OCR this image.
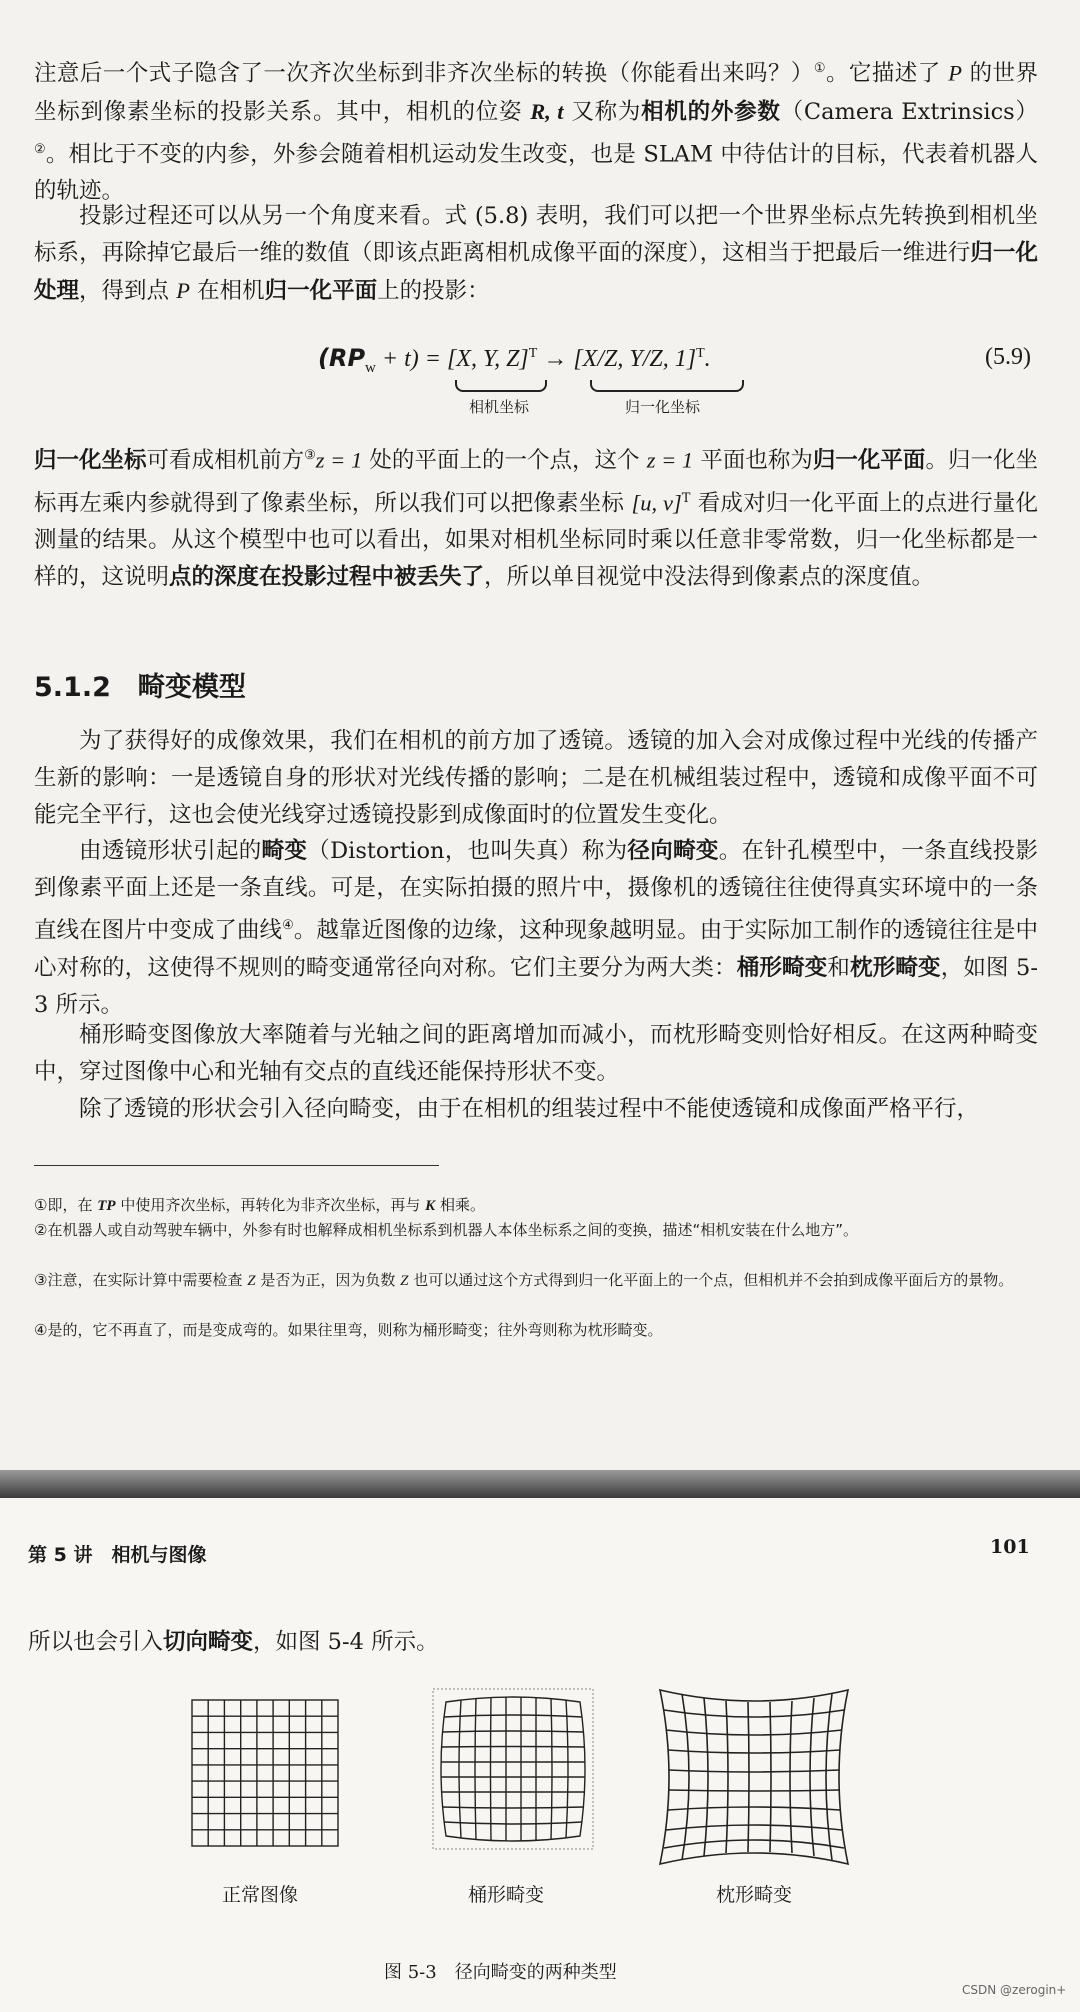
注意后一个式子隐含了一次齐次坐标到非齐次坐标的转换（你能看出来吗？）①。它描述了 P 的世界坐标到像素坐标的投影关系。其中，相机的位姿 R, t 又称为相机的外参数（Camera Extrinsics）②。相比于不变的内参，外参会随着相机运动发生改变，也是 SLAM 中待估计的目标，代表着机器人的轨迹。

投影过程还可以从另一个角度来看。式 (5.8) 表明，我们可以把一个世界坐标点先转换到相机坐标系，再除掉它最后一维的数值（即该点距离相机成像平面的深度），这相当于把最后一维进行归一化处理，得到点 P 在相机归一化平面上的投影：

$(RP_w + t) = [X$, Y, Z]$^T$ → [X/Z, Y/Z, 1]$^T$.
相机坐标	归一化坐标
(5.9)

归一化坐标可看成相机前方③z = 1 处的平面上的一个点，这个 z = 1 平面也称为归一化平面。归一化坐标再左乘内参就得到了像素坐标，所以我们可以把像素坐标 [u, v]$^T$ 看成对归一化平面上的点进行量化测量的结果。从这个模型中也可以看出，如果对相机坐标同时乘以任意非零常数，归一化坐标都是一样的，这说明点的深度在投影过程中被丢失了，所以单目视觉中没法得到像素点的深度值。

5.1.2　畸变模型

为了获得好的成像效果，我们在相机的前方加了透镜。透镜的加入会对成像过程中光线的传播产生新的影响：一是透镜自身的形状对光线传播的影响；二是在机械组装过程中，透镜和成像平面不可能完全平行，这也会使光线穿过透镜投影到成像面时的位置发生变化。

由透镜形状引起的畸变（Distortion，也叫失真）称为径向畸变。在针孔模型中，一条直线投影到像素平面上还是一条直线。可是，在实际拍摄的照片中，摄像机的透镜往往使得真实环境中的一条直线在图片中变成了曲线④。越靠近图像的边缘，这种现象越明显。由于实际加工制作的透镜往往是中心对称的，这使得不规则的畸变通常径向对称。它们主要分为两大类：桶形畸变和枕形畸变，如图 5-3 所示。

桶形畸变图像放大率随着与光轴之间的距离增加而减小，而枕形畸变则恰好相反。在这两种畸变中，穿过图像中心和光轴有交点的直线还能保持形状不变。

除了透镜的形状会引入径向畸变，由于在相机的组装过程中不能使透镜和成像面严格平行，

①即，在 TP 中使用齐次坐标，再转化为非齐次坐标，再与 K 相乘。

②在机器人或自动驾驶车辆中，外参有时也解释成相机坐标系到机器人本体坐标系之间的变换，描述“相机安装在什么地方”。

③注意，在实际计算中需要检查 Z 是否为正，因为负数 Z 也可以通过这个方式得到归一化平面上的一个点，但相机并不会拍到成像平面后方的景物。

④是的，它不再直了，而是变成弯的。如果往里弯，则称为桶形畸变；往外弯则称为枕形畸变。

第 5 讲　相机与图像	101

所以也会引入切向畸变，如图 5-4 所示。

正常图像	桶形畸变	枕形畸变
图 5-3　径向畸变的两种类型
CSDN @zerogin+
